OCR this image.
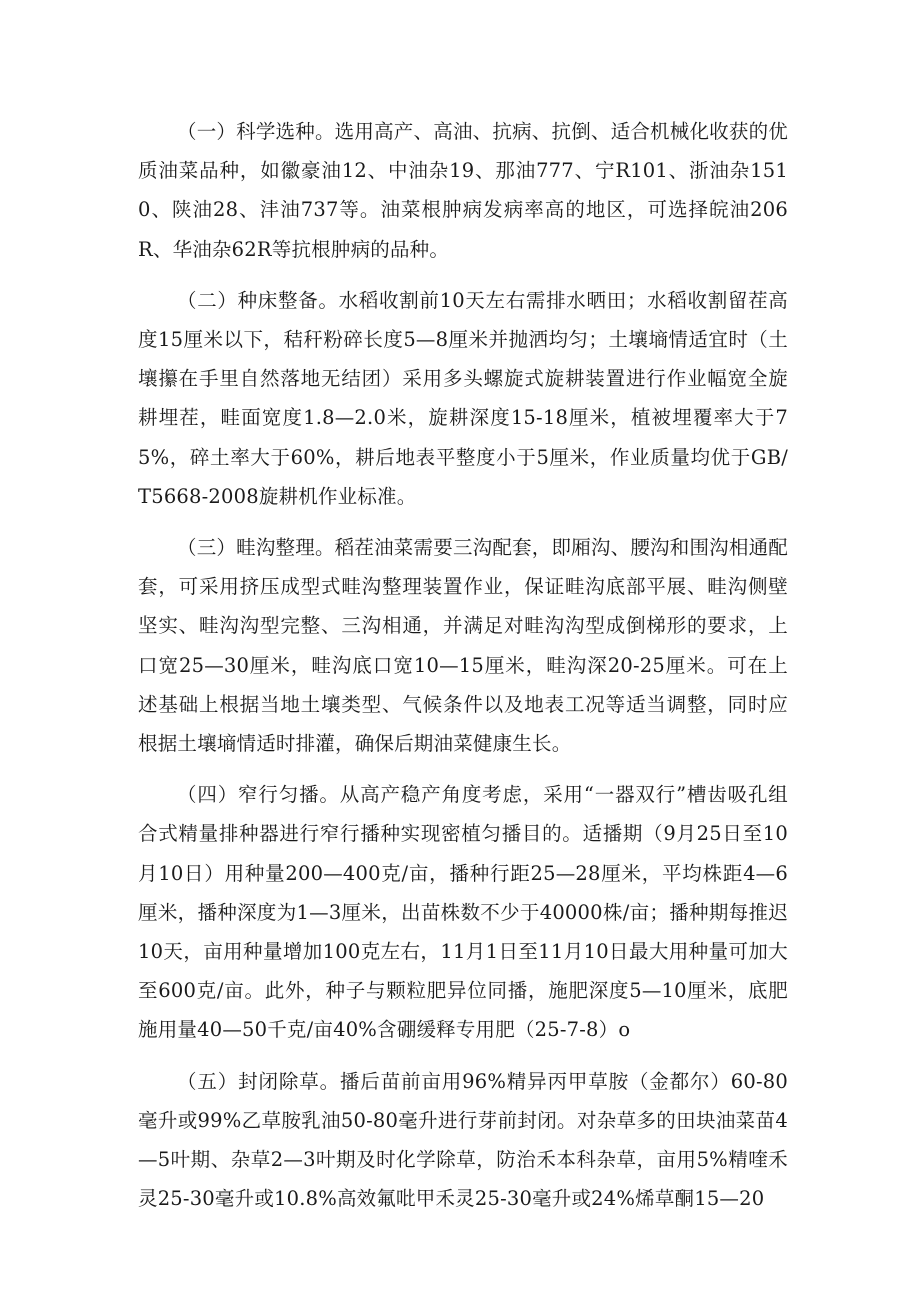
（一）科学选种。选用高产、高油、抗病、抗倒、适合机械化收获的优质油菜品种，如徽豪油12、中油杂19、那油777、宁R101、浙油杂1510、陕油28、沣油737等。油菜根肿病发病率高的地区，可选择皖油206R、华油杂62R等抗根肿病的品种。

（二）种床整备。水稻收割前10天左右需排水晒田；水稻收割留茬高度15厘米以下，秸秆粉碎长度5—8厘米并抛洒均匀；土壤墒情适宜时（土壤攥在手里自然落地无结团）采用多头螺旋式旋耕装置进行作业幅宽全旋耕埋茬，畦面宽度1.8—2.0米，旋耕深度15-18厘米，植被埋覆率大于75%，碎土率大于60%，耕后地表平整度小于5厘米，作业质量均优于GB/T5668-2008旋耕机作业标准。

（三）畦沟整理。稻茬油菜需要三沟配套，即厢沟、腰沟和围沟相通配套，可采用挤压成型式畦沟整理装置作业，保证畦沟底部平展、畦沟侧壁坚实、畦沟沟型完整、三沟相通，并满足对畦沟沟型成倒梯形的要求，上口宽25—30厘米，畦沟底口宽10—15厘米，畦沟深20-25厘米。可在上述基础上根据当地土壤类型、气候条件以及地表工况等适当调整，同时应根据土壤墒情适时排灌，确保后期油菜健康生长。

（四）窄行匀播。从高产稳产角度考虑，采用“一器双行”槽齿吸孔组合式精量排种器进行窄行播种实现密植匀播目的。适播期（9月25日至10月10日）用种量200—400克/亩，播种行距25—28厘米，平均株距4—6厘米，播种深度为1—3厘米，出苗株数不少于40000株/亩；播种期每推迟10天，亩用种量增加100克左右，11月1日至11月10日最大用种量可加大至600克/亩。此外，种子与颗粒肥异位同播，施肥深度5—10厘米，底肥施用量40—50千克/亩40%含硼缓释专用肥（25-7-8）o

（五）封闭除草。播后苗前亩用96%精异丙甲草胺（金都尔）60-80毫升或99%乙草胺乳油50-80毫升进行芽前封闭。对杂草多的田块油菜苗4—5叶期、杂草2—3叶期及时化学除草，防治禾本科杂草，亩用5%精喹禾灵25-30毫升或10.8%高效氟吡甲禾灵25-30毫升或24%烯草酮15—20
